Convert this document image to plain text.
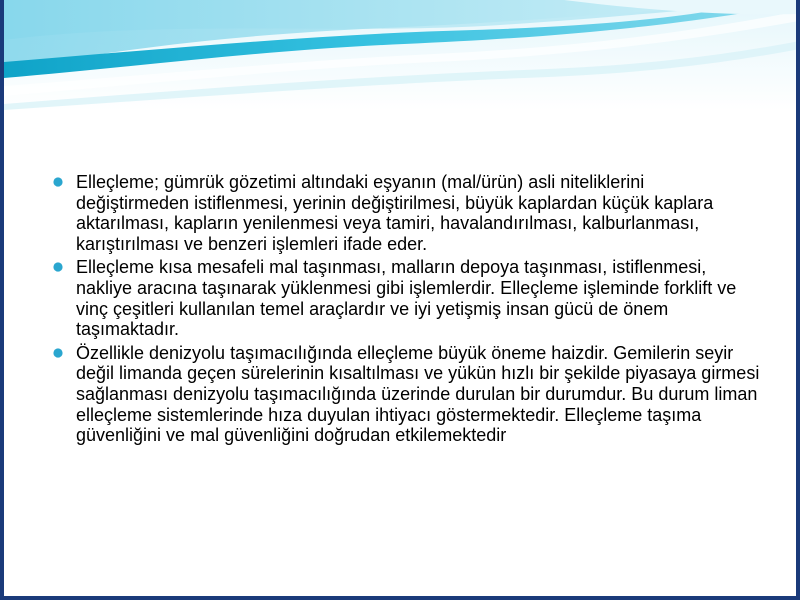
Elleçleme; gümrük gözetimi altındaki eşyanın (mal/ürün) asli niteliklerini değiştirmeden istiflenmesi, yerinin değiştirilmesi, büyük kaplardan küçük kaplara aktarılması, kapların yenilenmesi veya tamiri, havalandırılması, kalburlanması, karıştırılması ve benzeri işlemleri ifade eder.
Elleçleme kısa mesafeli mal taşınması, malların depoya taşınması, istiflenmesi, nakliye aracına taşınarak yüklenmesi gibi işlemlerdir. Elleçleme işleminde forklift ve vinç çeşitleri kullanılan temel araçlardır ve iyi yetişmiş insan gücü de önem taşımaktadır.
Özellikle denizyolu taşımacılığında elleçleme büyük öneme haizdir. Gemilerin seyir değil limanda geçen sürelerinin kısaltılması ve yükün hızlı bir şekilde piyasaya girmesi sağlanması denizyolu taşımacılığında üzerinde durulan bir durumdur. Bu durum liman elleçleme sistemlerinde hıza duyulan ihtiyacı göstermektedir. Elleçleme taşıma güvenliğini ve mal güvenliğini doğrudan etkilemektedir
